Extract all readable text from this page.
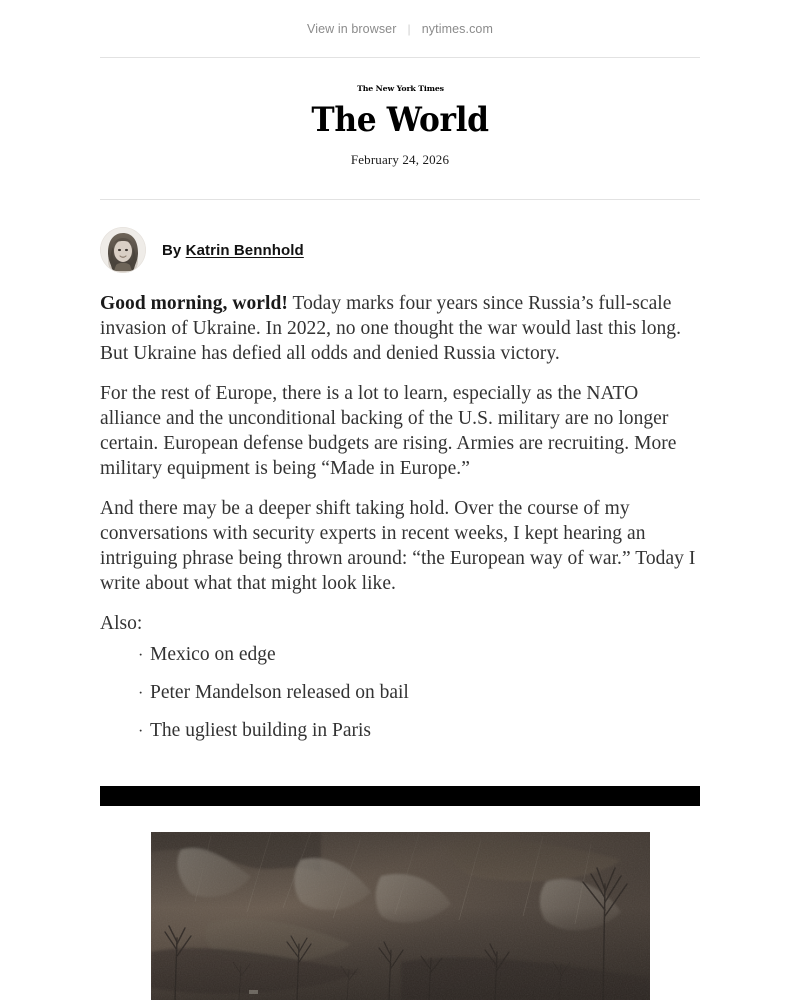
View in browser | nytimes.com
The New York Times
The World
February 24, 2026
By Katrin Bennhold

Good morning, world! Today marks four years since Russia’s full-scale invasion of Ukraine. In 2022, no one thought the war would last this long. But Ukraine has defied all odds and denied Russia victory.

For the rest of Europe, there is a lot to learn, especially as the NATO alliance and the unconditional backing of the U.S. military are no longer certain. European defense budgets are rising. Armies are recruiting. More military equipment is being “Made in Europe.”

And there may be a deeper shift taking hold. Over the course of my conversations with security experts in recent weeks, I kept hearing an intriguing phrase being thrown around: “the European way of war.” Today I write about what that might look like.

Also:

· Mexico on edge
· Peter Mandelson released on bail
· The ugliest building in Paris
